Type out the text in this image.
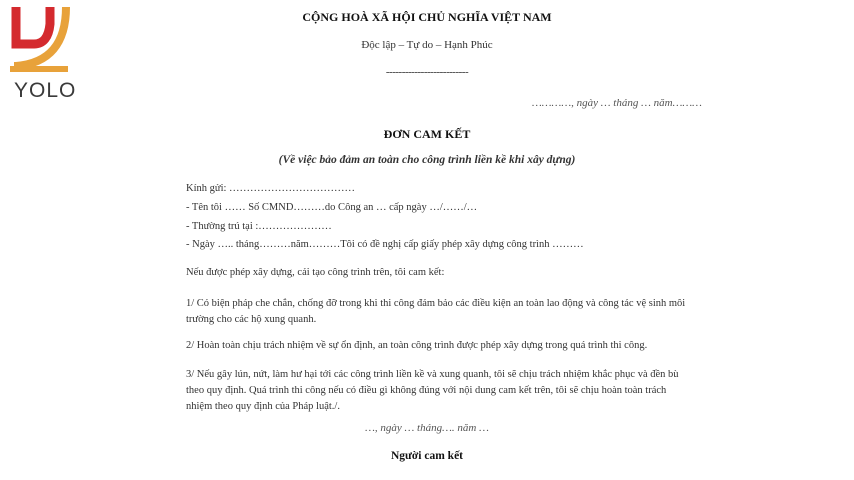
YOLO
CỘNG HOÀ XÃ HỘI CHỦ NGHĨA VIỆT NAM
Độc lập – Tự do – Hạnh Phúc
--------------------------
…………, ngày … tháng … năm………
ĐƠN CAM KẾT
(Về việc bảo đảm an toàn cho công trình liền kề khi xây dựng)
Kính gửi: ………………………………
- Tên tôi …… Số CMND………do Công an … cấp ngày …/……/…
- Thường trú tại :…………………
- Ngày ….. tháng………năm………Tôi có đề nghị cấp giấy phép xây dựng công trình ………
Nếu được phép xây dựng, cải tạo công trình trên, tôi cam kết:
1/ Có biện pháp che chắn, chống đỡ trong khi thi công đảm bảo các điều kiện an toàn lao động và công tác vệ sinh môi trường cho các hộ xung quanh.
2/ Hoàn toàn chịu trách nhiệm về sự ổn định, an toàn công trình được phép xây dựng trong quá trình thi công.
3/ Nếu gây lún, nứt, làm hư hại tới các công trình liền kề và xung quanh, tôi sẽ chịu trách nhiệm khắc phục và đền bù theo quy định. Quá trình thi công nếu có điều gì không đúng với nội dung cam kết trên, tôi sẽ chịu hoàn toàn trách nhiệm theo quy định của Pháp luật./.
…, ngày … tháng…. năm …
Người cam kết
